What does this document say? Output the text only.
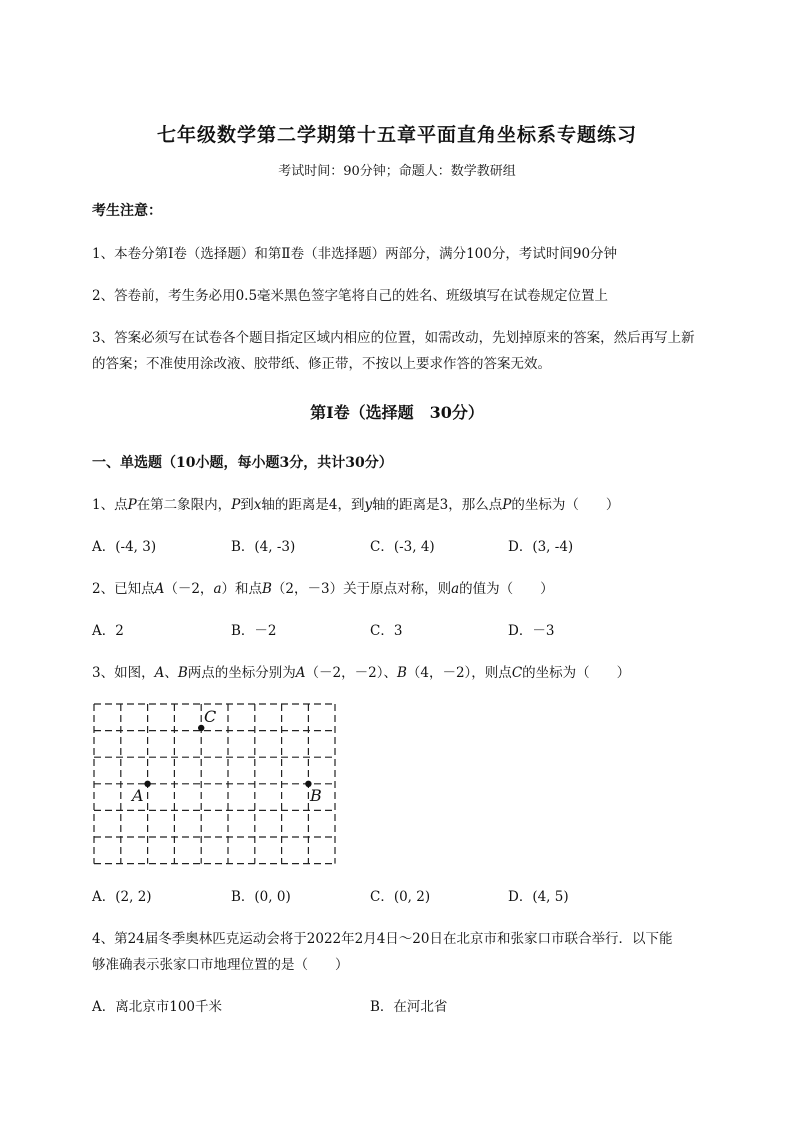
七年级数学第二学期第十五章平面直角坐标系专题练习
考试时间：90分钟；命题人：数学教研组
考生注意：
1、本卷分第I卷（选择题）和第Ⅱ卷（非选择题）两部分，满分100分，考试时间90分钟
2、答卷前，考生务必用0.5毫米黑色签字笔将自己的姓名、班级填写在试卷规定位置上
3、答案必须写在试卷各个题目指定区域内相应的位置，如需改动，先划掉原来的答案，然后再写上新
的答案；不准使用涂改液、胶带纸、修正带，不按以上要求作答的答案无效。
第I卷（选择题　30分）
一、单选题（10小题，每小题3分，共计30分）
1、点P在第二象限内，P到x轴的距离是4，到y轴的距离是3，那么点P的坐标为（　　）
A．(-4, 3)	B．(4, -3)	C．(-3, 4)	D．(3, -4)
2、已知点A（－2，a）和点B（2，－3）关于原点对称，则a的值为（　　）
A．2	B．－2	C．3	D．－3
3、如图，A、B两点的坐标分别为A（－2，－2）、B（4，－2），则点C的坐标为（　　）
C
A	B
A．(2, 2)	B．(0, 0)	C．(0, 2)	D．(4, 5)
4、第24届冬季奥林匹克运动会将于2022年2月4日～20日在北京市和张家口市联合举行．以下能
够准确表示张家口市地理位置的是（　　）
A．离北京市100千米	B．在河北省
